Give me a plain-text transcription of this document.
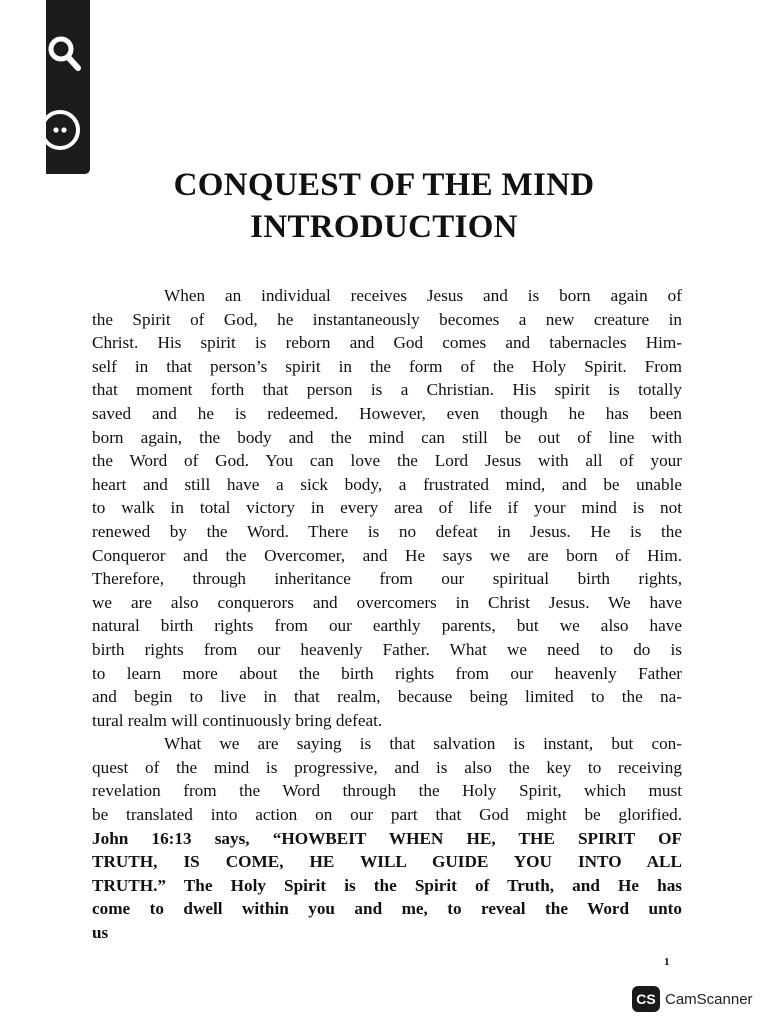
CONQUEST OF THE MIND
INTRODUCTION
When an individual receives Jesus and is born again of
the Spirit of God, he instantaneously becomes a new creature in
Christ. His spirit is reborn and God comes and tabernacles Him-
self in that person’s spirit in the form of the Holy Spirit. From
that moment forth that person is a Christian. His spirit is totally
saved and he is redeemed. However, even though he has been
born again, the body and the mind can still be out of line with
the Word of God. You can love the Lord Jesus with all of your
heart and still have a sick body, a frustrated mind, and be unable
to walk in total victory in every area of life if your mind is not
renewed by the Word. There is no defeat in Jesus. He is the
Conqueror and the Overcomer, and He says we are born of Him.
Therefore, through inheritance from our spiritual birth rights,
we are also conquerors and overcomers in Christ Jesus. We have
natural birth rights from our earthly parents, but we also have
birth rights from our heavenly Father. What we need to do is
to learn more about the birth rights from our heavenly Father
and begin to live in that realm, because being limited to the na-
tural realm will continuously bring defeat.
What we are saying is that salvation is instant, but con-
quest of the mind is progressive, and is also the key to receiving
revelation from the Word through the Holy Spirit, which must
be translated into action on our part that God might be glorified.
John 16:13 says, “HOWBEIT WHEN HE, THE SPIRIT OF
TRUTH, IS COME, HE WILL GUIDE YOU INTO ALL
TRUTH.” The Holy Spirit is the Spirit of Truth, and He has
come to dwell within you and me, to reveal the Word unto
us
1
CS CamScanner
